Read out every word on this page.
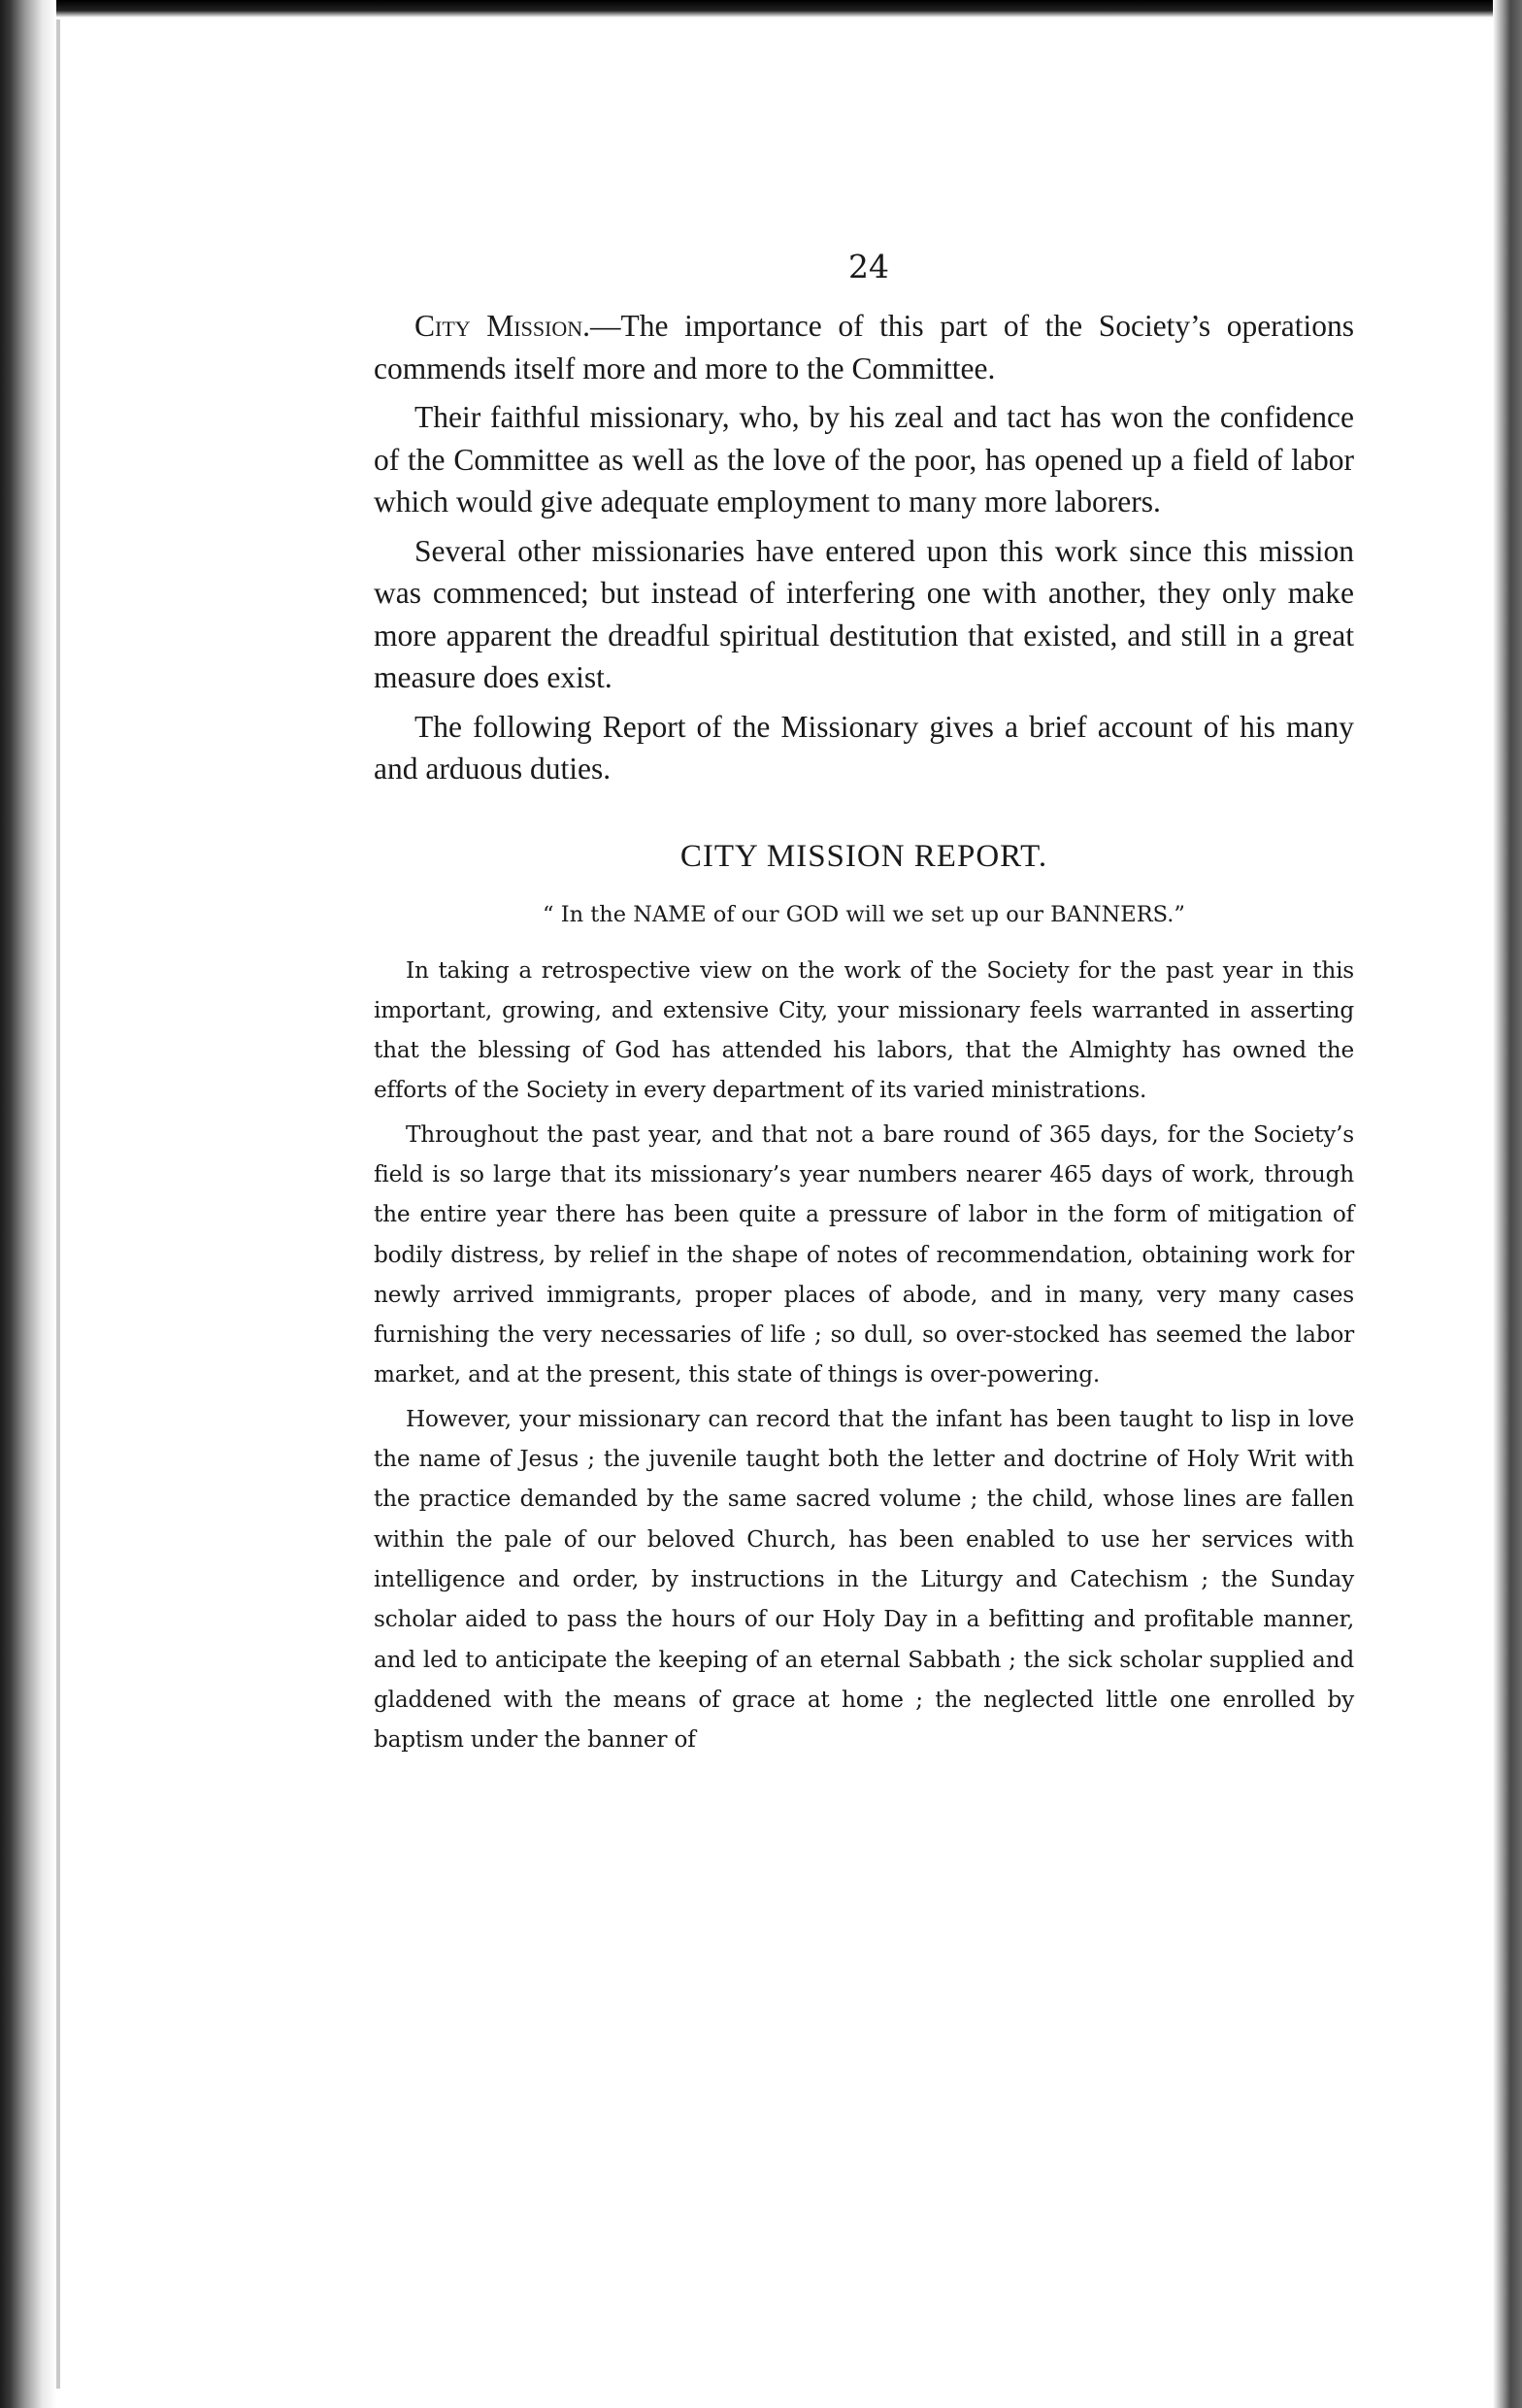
24

City Mission.—The importance of this part of the Society’s operations commends itself more and more to the Committee.

Their faithful missionary, who, by his zeal and tact has won the confidence of the Committee as well as the love of the poor, has opened up a field of labor which would give adequate employment to many more laborers.

Several other missionaries have entered upon this work since this mission was commenced; but instead of interfering one with another, they only make more apparent the dreadful spiritual destitution that existed, and still in a great measure does exist.

The following Report of the Missionary gives a brief account of his many and arduous duties.

CITY MISSION REPORT.
“ In the NAME of our GOD will we set up our BANNERS.”

In taking a retrospective view on the work of the Society for the past year in this important, growing, and extensive City, your missionary feels warranted in asserting that the blessing of God has attended his labors, that the Almighty has owned the efforts of the Society in every department of its varied ministrations.

Throughout the past year, and that not a bare round of 365 days, for the Society’s field is so large that its missionary’s year numbers nearer 465 days of work, through the entire year there has been quite a pressure of labor in the form of mitigation of bodily distress, by relief in the shape of notes of recommendation, obtaining work for newly arrived immigrants, proper places of abode, and in many, very many cases furnishing the very necessaries of life ; so dull, so over-stocked has seemed the labor market, and at the present, this state of things is over-powering.

However, your missionary can record that the infant has been taught to lisp in love the name of Jesus ; the juvenile taught both the letter and doctrine of Holy Writ with the practice demanded by the same sacred volume ; the child, whose lines are fallen within the pale of our beloved Church, has been enabled to use her services with intelligence and order, by instructions in the Liturgy and Catechism ; the Sunday scholar aided to pass the hours of our Holy Day in a befitting and profitable manner, and led to anticipate the keeping of an eternal Sabbath ; the sick scholar supplied and gladdened with the means of grace at home ; the neglected little one enrolled by baptism under the banner of
